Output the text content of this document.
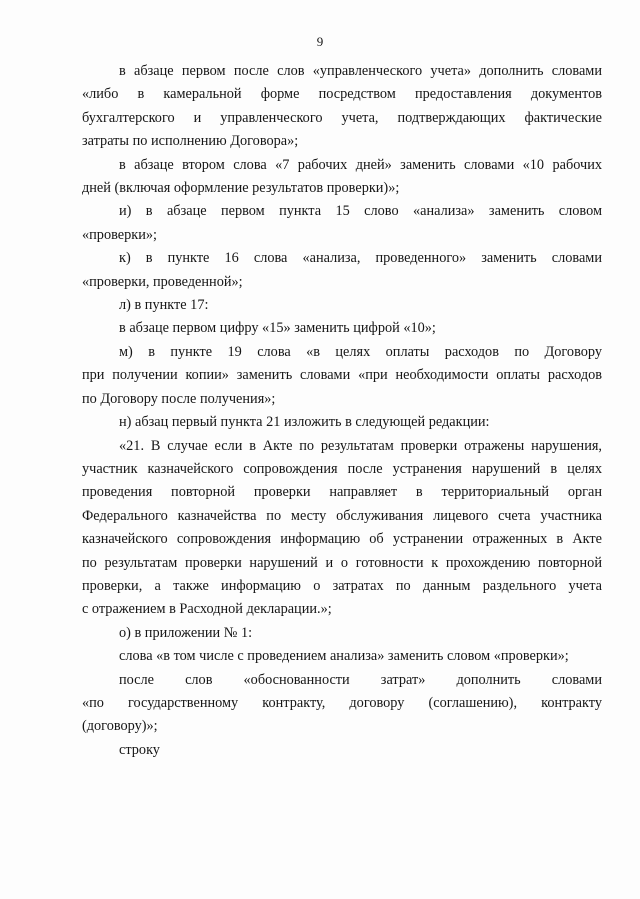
9

в абзаце первом после слов «управленческого учета» дополнить словами
«либо в камеральной форме посредством предоставления документов
бухгалтерского и управленческого учета, подтверждающих фактические
затраты по исполнению Договора»;

в абзаце втором слова «7 рабочих дней» заменить словами «10 рабочих
дней (включая оформление результатов проверки)»;

и) в абзаце первом пункта 15 слово «анализа» заменить словом
«проверки»;

к) в пункте 16 слова «анализа, проведенного» заменить словами
«проверки, проведенной»;

л) в пункте 17:

в абзаце первом цифру «15» заменить цифрой «10»;

м) в пункте 19 слова «в целях оплаты расходов по Договору
при получении копии» заменить словами «при необходимости оплаты расходов
по Договору после получения»;

н) абзац первый пункта 21 изложить в следующей редакции:

«21. В случае если в Акте по результатам проверки отражены нарушения,
участник казначейского сопровождения после устранения нарушений в целях
проведения повторной проверки направляет в территориальный орган
Федерального казначейства по месту обслуживания лицевого счета участника
казначейского сопровождения информацию об устранении отраженных в Акте
по результатам проверки нарушений и о готовности к прохождению повторной
проверки, а также информацию о затратах по данным раздельного учета
с отражением в Расходной декларации.»;

о) в приложении № 1:

слова «в том числе с проведением анализа» заменить словом «проверки»;

после слов «обоснованности затрат» дополнить словами
«по государственному контракту, договору (соглашению), контракту
(договору)»;

строку
